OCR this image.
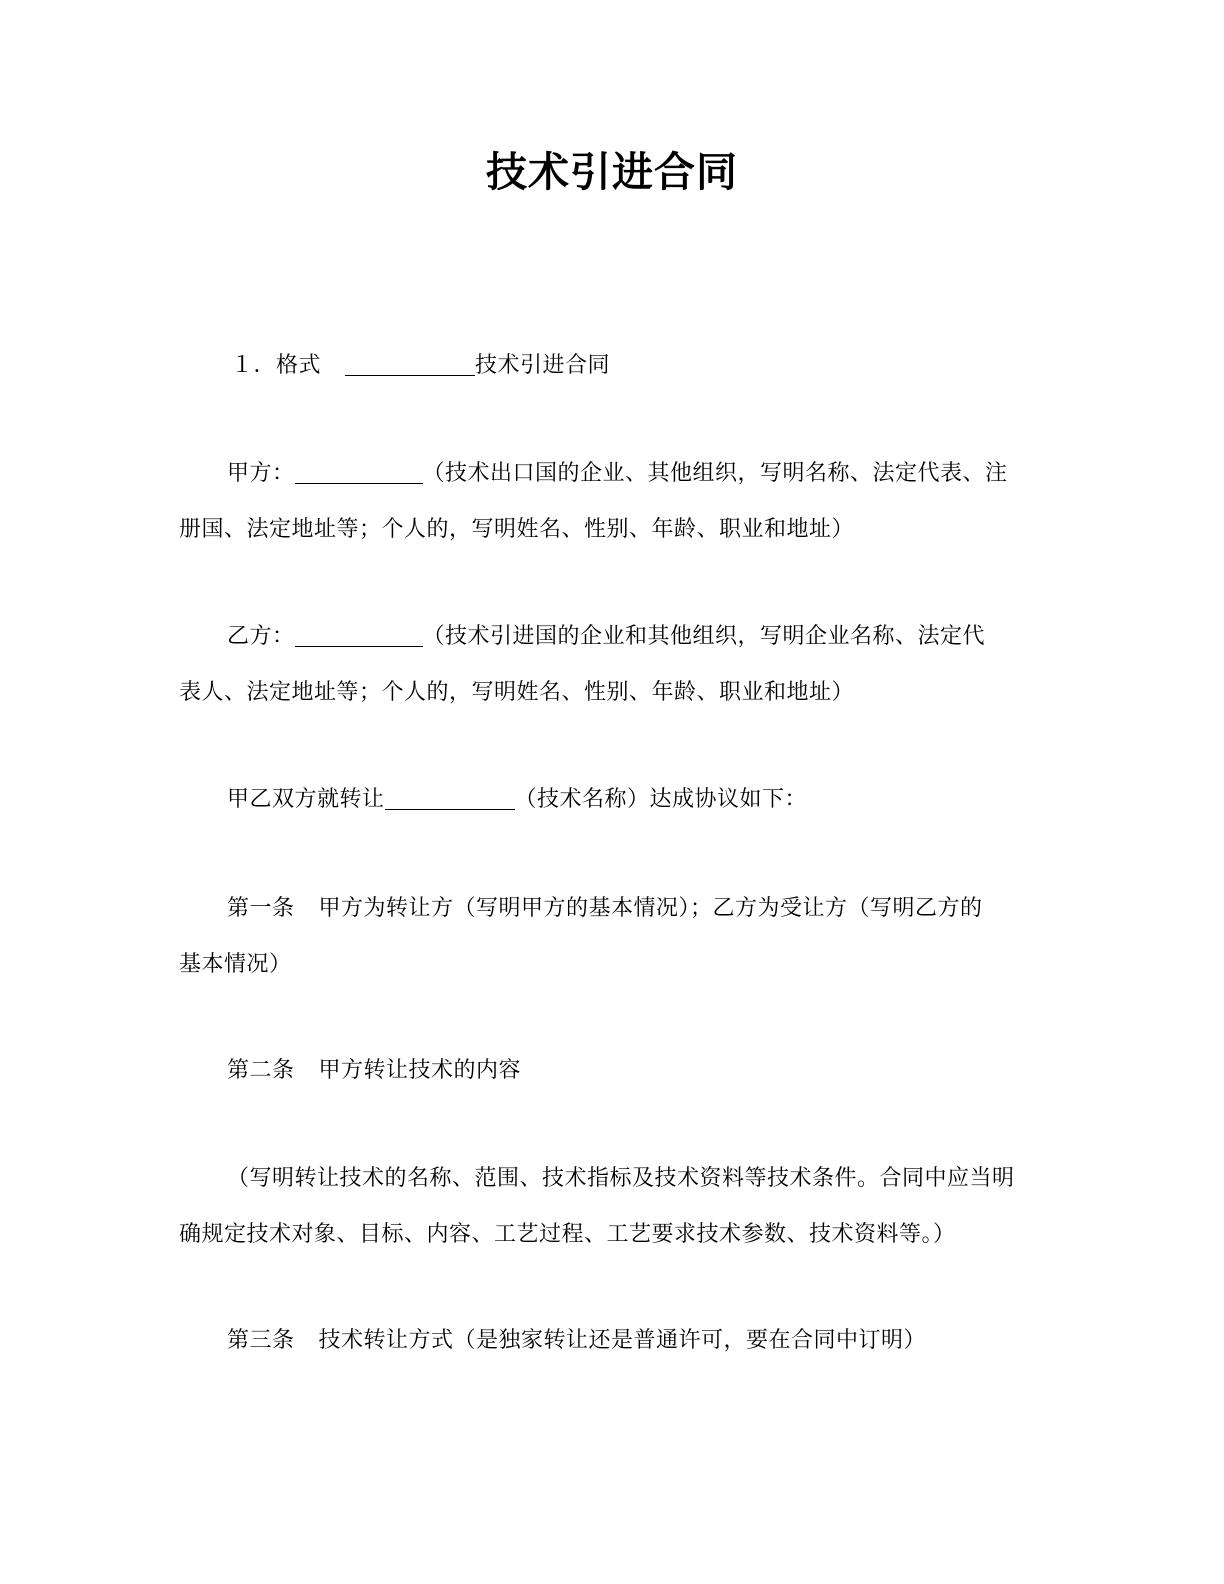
技术引进合同
１．格式	技术引进合同
甲方：	（技术出口国的企业、其他组织，写明名称、法定代表、注
册国、法定地址等；个人的，写明姓名、性别、年龄、职业和地址）
乙方：	（技术引进国的企业和其他组织，写明企业名称、法定代
表人、法定地址等；个人的，写明姓名、性别、年龄、职业和地址）
甲乙双方就转让	（技术名称）达成协议如下：
第一条 甲方为转让方（写明甲方的基本情况）；乙方为受让方（写明乙方的
基本情况）
第二条 甲方转让技术的内容
（写明转让技术的名称、范围、技术指标及技术资料等技术条件。合同中应当明
确规定技术对象、目标、内容、工艺过程、工艺要求技术参数、技术资料等。）
第三条 技术转让方式（是独家转让还是普通许可，要在合同中订明）
